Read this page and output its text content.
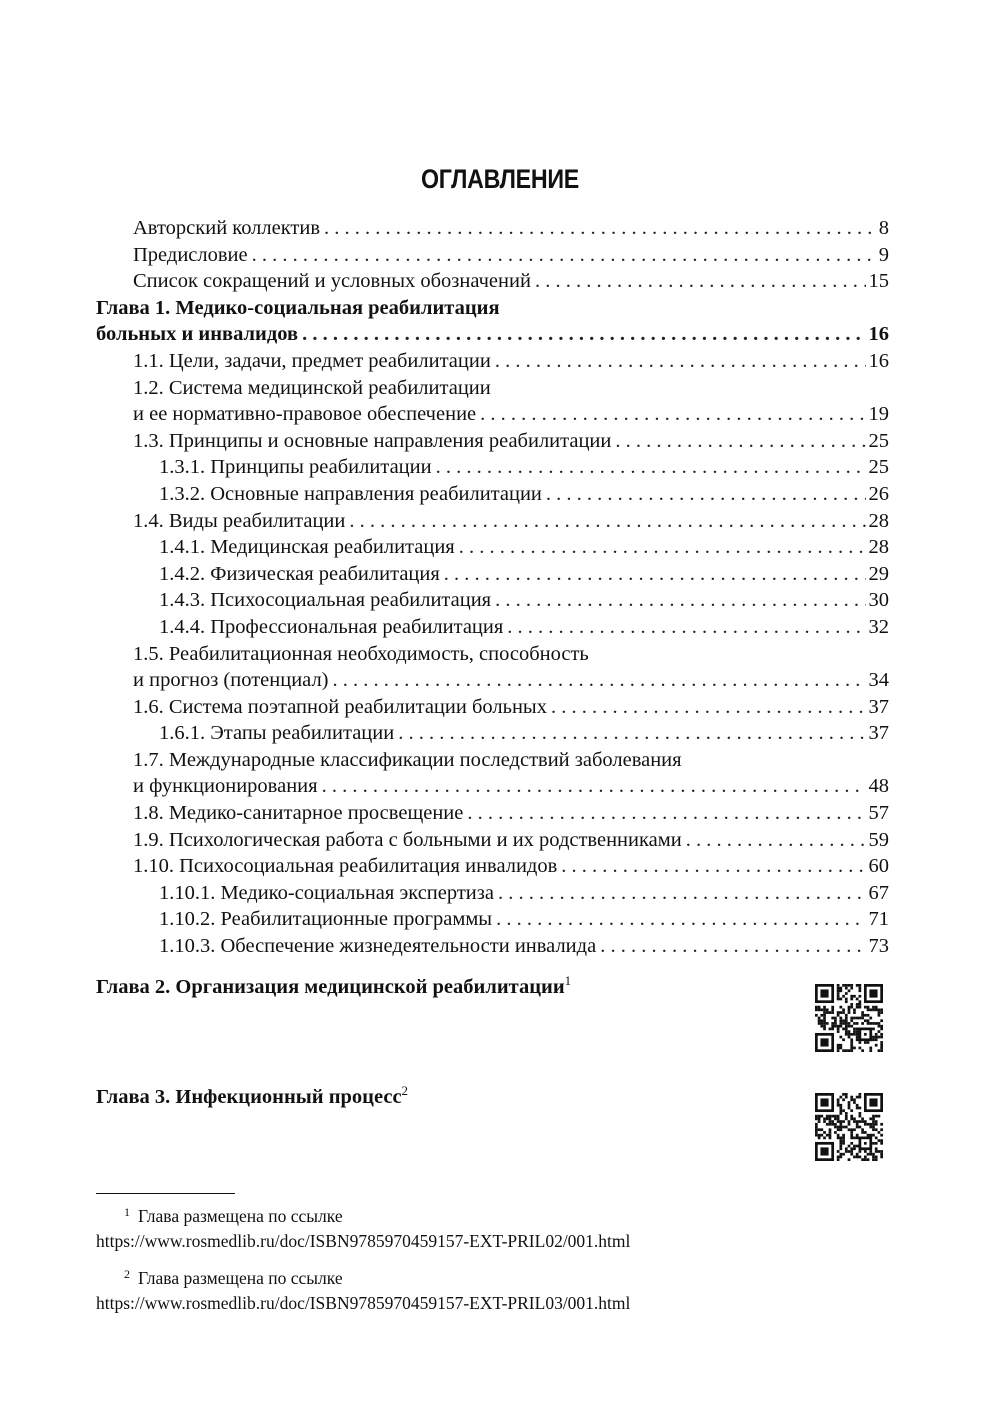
ОГЛАВЛЕНИЕ
Авторский коллектив . . .	8
Предисловие . . .	9
Список сокращений и условных обозначений . . .	15
Глава 1. Медико-социальная реабилитация
больных и инвалидов . . .	16
1.1. Цели, задачи, предмет реабилитации . . .	16
1.2. Система медицинской реабилитации
и ее нормативно-правовое обеспечение . . .	19
1.3. Принципы и основные направления реабилитации . . .	25
1.3.1. Принципы реабилитации . . .	25
1.3.2. Основные направления реабилитации . . .	26
1.4. Виды реабилитации . . .	28
1.4.1. Медицинская реабилитация . . .	28
1.4.2. Физическая реабилитация . . .	29
1.4.3. Психосоциальная реабилитация . . .	30
1.4.4. Профессиональная реабилитация . . .	32
1.5. Реабилитационная необходимость, способность
и прогноз (потенциал) . . .	34
1.6. Система поэтапной реабилитации больных . . .	37
1.6.1. Этапы реабилитации . . .	37
1.7. Международные классификации последствий заболевания
и функционирования . . .	48
1.8. Медико-санитарное просвещение . . .	57
1.9. Психологическая работа с больными и их родственниками . . .	59
1.10. Психосоциальная реабилитация инвалидов . . .	60
1.10.1. Медико-социальная экспертиза . . .	67
1.10.2. Реабилитационные программы . . .	71
1.10.3. Обеспечение жизнедеятельности инвалида . . .	73
Глава 2. Организация медицинской реабилитации$^1$
Глава 3. Инфекционный процесс$^2$
$^1$ Глава размещена по ссылке
https://www.rosmedlib.ru/doc/ISBN9785970459157-EXT-PRIL02/001.html
$^2$ Глава размещена по ссылке
https://www.rosmedlib.ru/doc/ISBN9785970459157-EXT-PRIL03/001.html
